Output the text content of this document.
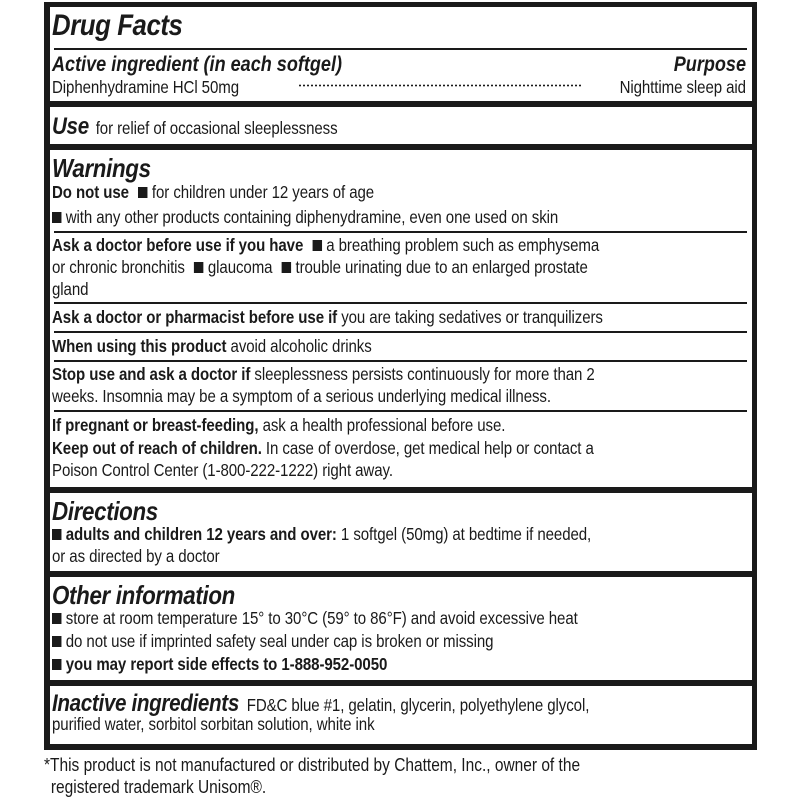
Drug Facts
Active ingredient (in each softgel)	Purpose
Diphenhydramine HCl 50mg	Nighttime sleep aid
Use for relief of occasional sleeplessness
Warnings
Do not use for children under 12 years of age
with any other products containing diphenydramine, even one used on skin
Ask a doctor before use if you have a breathing problem such as emphysema
or chronic bronchitis glaucoma trouble urinating due to an enlarged prostate
gland
Ask a doctor or pharmacist before use if you are taking sedatives or tranquilizers
When using this product avoid alcoholic drinks
Stop use and ask a doctor if sleeplessness persists continuously for more than 2
weeks. Insomnia may be a symptom of a serious underlying medical illness.
If pregnant or breast-feeding, ask a health professional before use.
Keep out of reach of children. In case of overdose, get medical help or contact a
Poison Control Center (1-800-222-1222) right away.
Directions
adults and children 12 years and over: 1 softgel (50mg) at bedtime if needed,
or as directed by a doctor
Other information
store at room temperature 15° to 30°C (59° to 86°F) and avoid excessive heat
do not use if imprinted safety seal under cap is broken or missing
you may report side effects to 1-888-952-0050
Inactive ingredients FD&C blue #1, gelatin, glycerin, polyethylene glycol,
purified water, sorbitol sorbitan solution, white ink
*This product is not manufactured or distributed by Chattem, Inc., owner of the
registered trademark Unisom®.
